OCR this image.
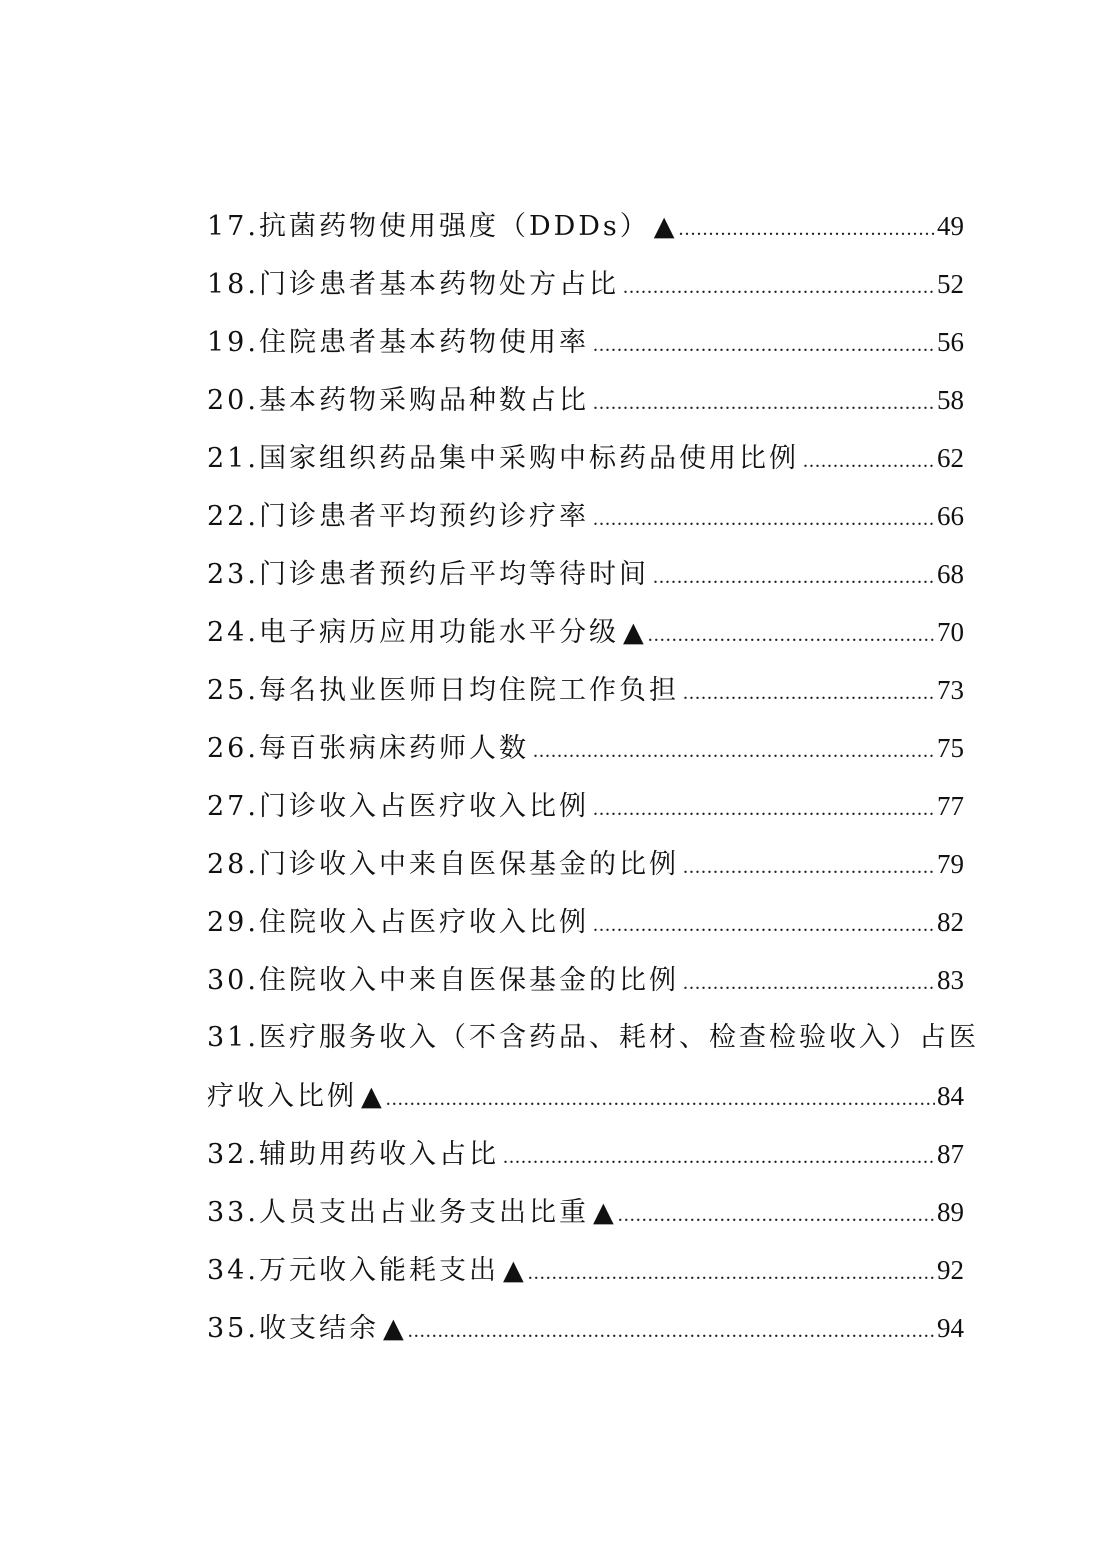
17.抗菌药物使用强度（DDDs） ▲ .....	49
18.门诊患者基本药物处方占比 .....	52
19.住院患者基本药物使用率 .....	56
20.基本药物采购品种数占比 .....	58
21.国家组织药品集中采购中标药品使用比例 .....	62
22.门诊患者平均预约诊疗率 .....	66
23.门诊患者预约后平均等待时间 .....	68
24.电子病历应用功能水平分级 ▲ .....	70
25.每名执业医师日均住院工作负担 .....	73
26.每百张病床药师人数 .....	75
27.门诊收入占医疗收入比例 .....	77
28.门诊收入中来自医保基金的比例 .....	79
29.住院收入占医疗收入比例 .....	82
30.住院收入中来自医保基金的比例 .....	83
31.医疗服务收入（不含药品、耗材、检查检验收入）占医
疗收入比例 ▲ .....	84
32.辅助用药收入占比 .....	87
33.人员支出占业务支出比重 ▲ .....	89
34.万元收入能耗支出 ▲ .....	92
35.收支结余 ▲ .....	94
